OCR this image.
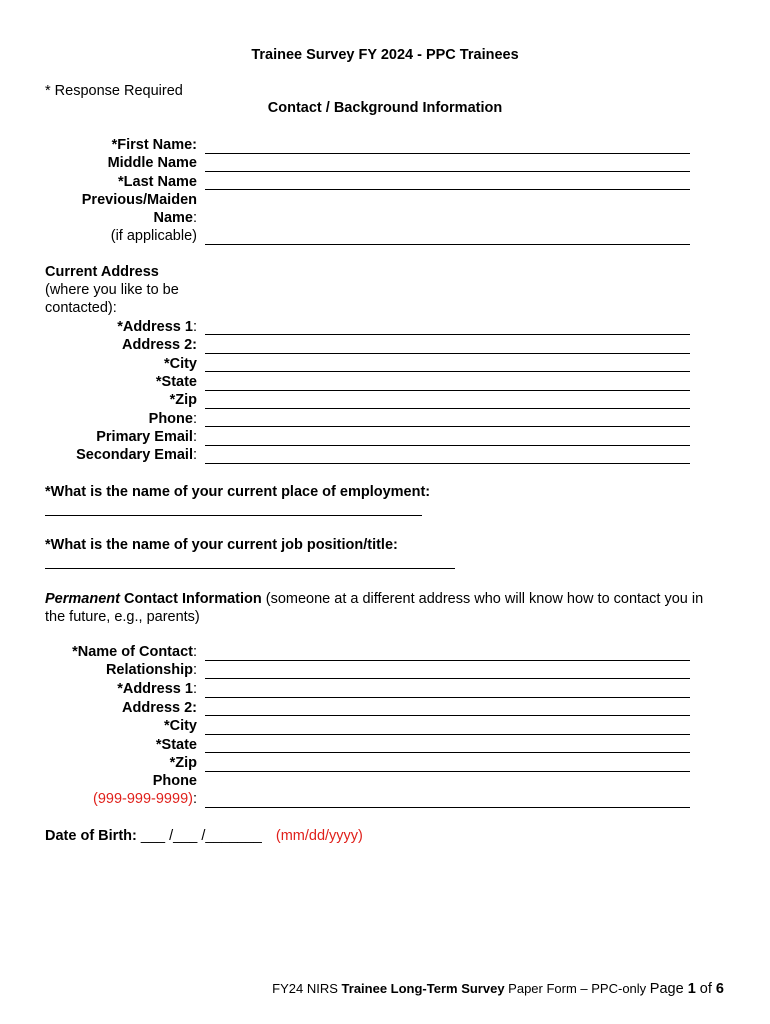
Trainee Survey FY 2024 - PPC Trainees
* Response Required
Contact / Background Information
*First Name:
Middle Name
*Last Name
Previous/Maiden
Name:
(if applicable)
Current Address
(where you like to be
contacted):
*Address 1:
Address 2:
*City
*State
*Zip
Phone:
Primary Email:
Secondary Email:
*What is the name of your current place of employment:
*What is the name of your current job position/title:
Permanent Contact Information (someone at a different address who will know how to contact you in the future, e.g., parents)
*Name of Contact:
Relationship:
*Address 1:
Address 2:
*City
*State
*Zip
Phone
(999-999-9999):
Date of Birth: ___ /___ /_______ (mm/dd/yyyy)
FY24 NIRS Trainee Long-Term Survey Paper Form – PPC-only Page 1 of 6
